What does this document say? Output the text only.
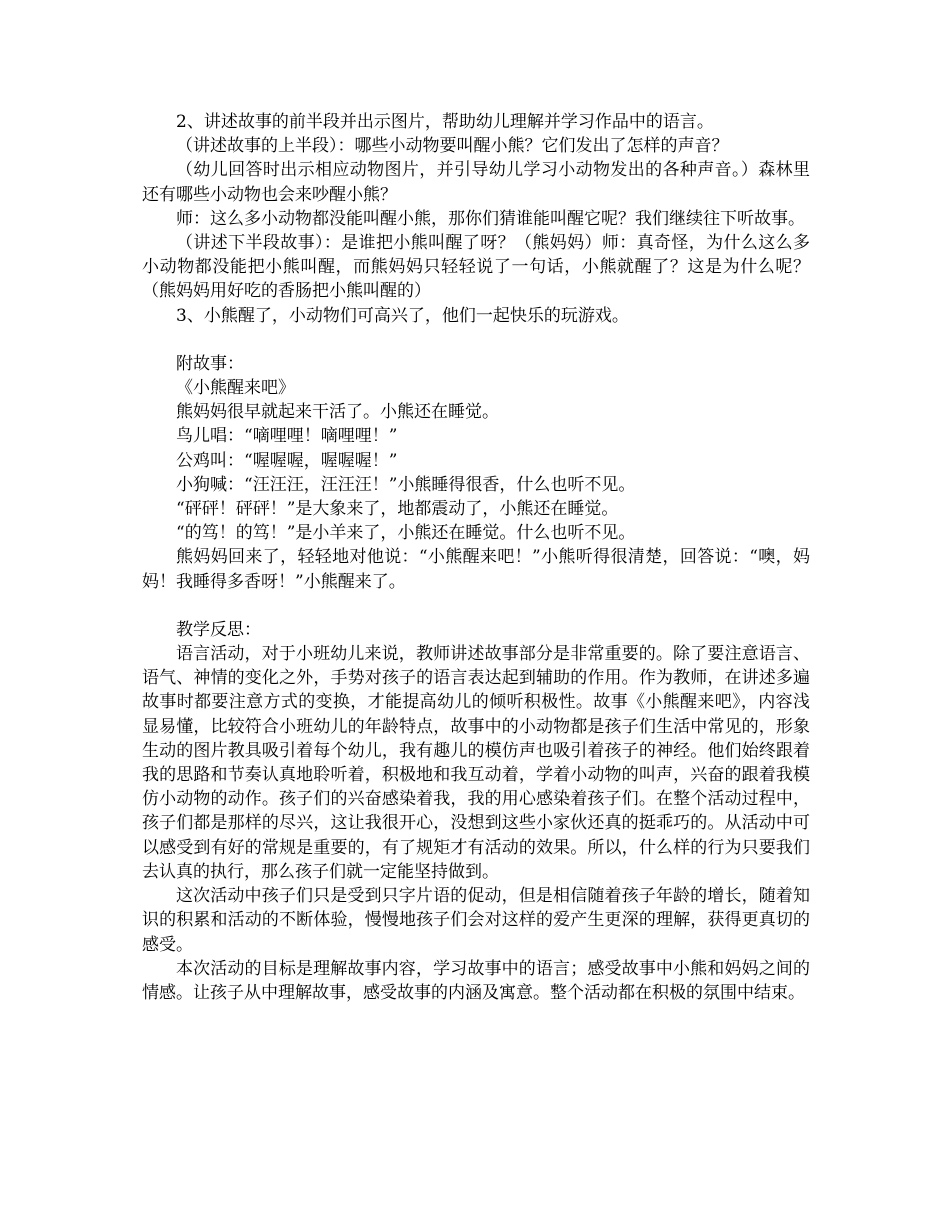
2、讲述故事的前半段并出示图片，帮助幼儿理解并学习作品中的语言。

（讲述故事的上半段）：哪些小动物要叫醒小熊？它们发出了怎样的声音？

（幼儿回答时出示相应动物图片，并引导幼儿学习小动物发出的各种声音。）森林里还有哪些小动物也会来吵醒小熊？

师：这么多小动物都没能叫醒小熊，那你们猜谁能叫醒它呢？我们继续往下听故事。

（讲述下半段故事）：是谁把小熊叫醒了呀？（熊妈妈）师：真奇怪，为什么这么多小动物都没能把小熊叫醒，而熊妈妈只轻轻说了一句话，小熊就醒了？这是为什么呢？（熊妈妈用好吃的香肠把小熊叫醒的）

3、小熊醒了，小动物们可高兴了，他们一起快乐的玩游戏。

附故事：

《小熊醒来吧》

熊妈妈很早就起来干活了。小熊还在睡觉。

鸟儿唱：“嘀哩哩！嘀哩哩！”

公鸡叫：“喔喔喔，喔喔喔！”

小狗喊：“汪汪汪，汪汪汪！”小熊睡得很香，什么也听不见。

“砰砰！砰砰！”是大象来了，地都震动了，小熊还在睡觉。

“的笃！的笃！”是小羊来了，小熊还在睡觉。什么也听不见。

熊妈妈回来了，轻轻地对他说：“小熊醒来吧！”小熊听得很清楚，回答说：“噢，妈妈！我睡得多香呀！”小熊醒来了。

教学反思：

语言活动，对于小班幼儿来说，教师讲述故事部分是非常重要的。除了要注意语言、语气、神情的变化之外，手势对孩子的语言表达起到辅助的作用。作为教师，在讲述多遍故事时都要注意方式的变换，才能提高幼儿的倾听积极性。故事《小熊醒来吧》，内容浅显易懂，比较符合小班幼儿的年龄特点，故事中的小动物都是孩子们生活中常见的，形象生动的图片教具吸引着每个幼儿，我有趣儿的模仿声也吸引着孩子的神经。他们始终跟着我的思路和节奏认真地聆听着，积极地和我互动着，学着小动物的叫声，兴奋的跟着我模仿小动物的动作。孩子们的兴奋感染着我，我的用心感染着孩子们。在整个活动过程中，孩子们都是那样的尽兴，这让我很开心，没想到这些小家伙还真的挺乖巧的。从活动中可以感受到有好的常规是重要的，有了规矩才有活动的效果。所以，什么样的行为只要我们去认真的执行，那么孩子们就一定能坚持做到。

这次活动中孩子们只是受到只字片语的促动，但是相信随着孩子年龄的增长，随着知识的积累和活动的不断体验，慢慢地孩子们会对这样的爱产生更深的理解，获得更真切的感受。

本次活动的目标是理解故事内容，学习故事中的语言；感受故事中小熊和妈妈之间的情感。让孩子从中理解故事，感受故事的内涵及寓意。整个活动都在积极的氛围中结束。
